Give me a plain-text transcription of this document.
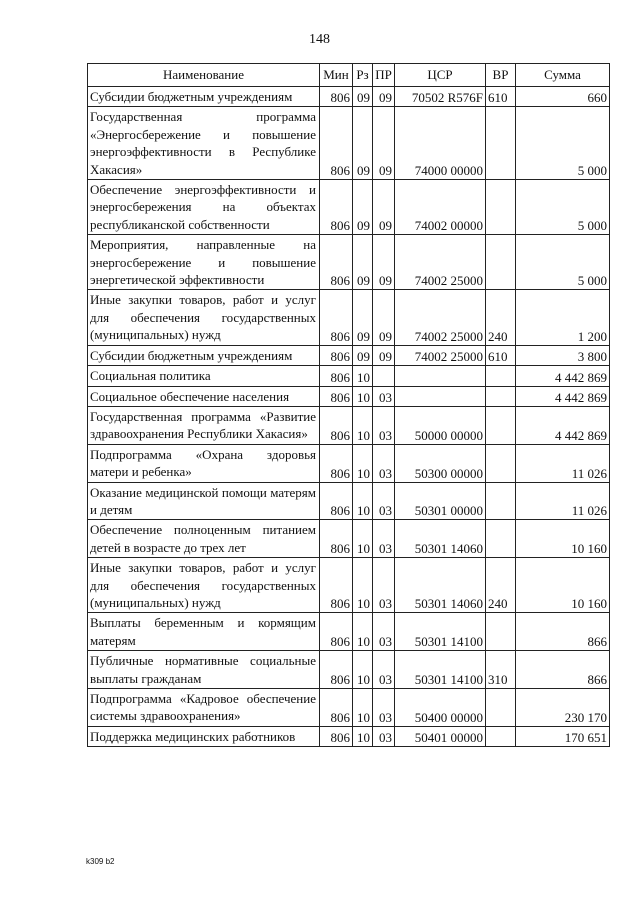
148
Наименование	Мин	Рз	ПР	ЦСР	ВР	Сумма
Субсидии бюджетным учреждениям	806	09	09	70502 R576F	610	660
Государственная программа «Энергосбережение и повышение энергоэффективности в Республике Хакасия»	806	09	09	74000 00000		5 000
Обеспечение энергоэффективности и энергосбережения на объектах республиканской собственности	806	09	09	74002 00000		5 000
Мероприятия, направленные на энергосбережение и повышение энергетической эффективности	806	09	09	74002 25000		5 000
Иные закупки товаров, работ и услуг для обеспечения государственных (муниципальных) нужд	806	09	09	74002 25000	240	1 200
Субсидии бюджетным учреждениям	806	09	09	74002 25000	610	3 800
Социальная политика	806	10				4 442 869
Социальное обеспечение населения	806	10	03			4 442 869
Государственная программа «Развитие здравоохранения Республики Хакасия»	806	10	03	50000 00000		4 442 869
Подпрограмма «Охрана здоровья матери и ребенка»	806	10	03	50300 00000		11 026
Оказание медицинской помощи матерям и детям	806	10	03	50301 00000		11 026
Обеспечение полноценным питанием детей в возрасте до трех лет	806	10	03	50301 14060		10 160
Иные закупки товаров, работ и услуг для обеспечения государственных (муниципальных) нужд	806	10	03	50301 14060	240	10 160
Выплаты беременным и кормящим матерям	806	10	03	50301 14100		866
Публичные нормативные социальные выплаты гражданам	806	10	03	50301 14100	310	866
Подпрограмма «Кадровое обеспечение системы здравоохранения»	806	10	03	50400 00000		230 170
Поддержка медицинских работников	806	10	03	50401 00000		170 651
k309 b2
